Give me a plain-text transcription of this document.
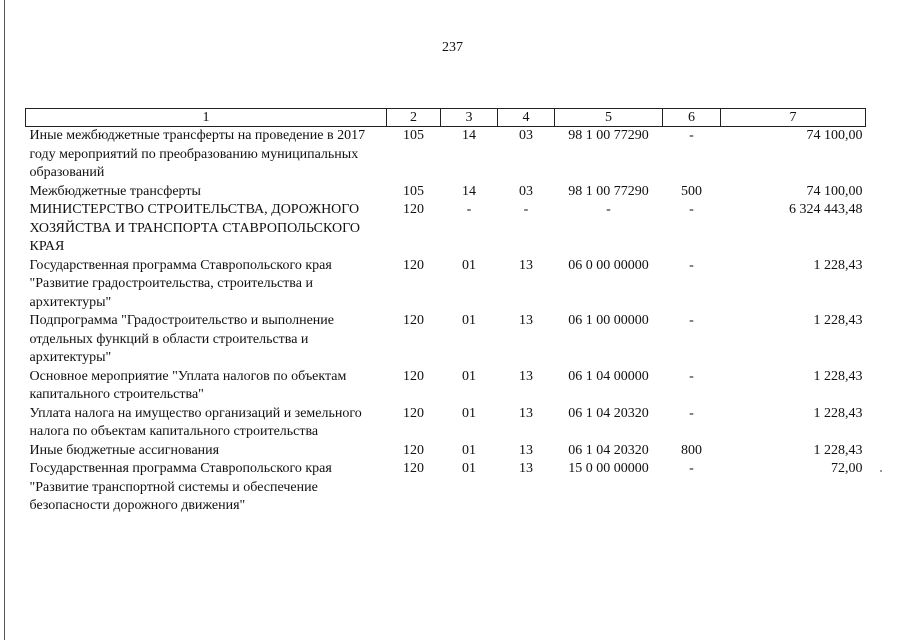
237
1	2	3	4	5	6	7
Иные межбюджетные трансферты на проведение в 2017 году мероприятий по преобразованию муниципальных образований	105	14	03	98 1 00 77290	-	74 100,00
Межбюджетные трансферты	105	14	03	98 1 00 77290	500	74 100,00
МИНИСТЕРСТВО СТРОИТЕЛЬСТВА, ДОРОЖНОГО ХОЗЯЙСТВА И ТРАНСПОРТА СТАВРОПОЛЬСКОГО КРАЯ	120	-	-	-	-	6 324 443,48
Государственная программа Ставропольского края "Развитие градостроительства, строительства и архитектуры"	120	01	13	06 0 00 00000	-	1 228,43
Подпрограмма "Градостроительство и выполнение отдельных функций в области строительства и архитектуры"	120	01	13	06 1 00 00000	-	1 228,43
Основное мероприятие "Уплата налогов по объектам капитального строительства"	120	01	13	06 1 04 00000	-	1 228,43
Уплата налога на имущество организаций и земельного налога по объектам капитального строительства	120	01	13	06 1 04 20320	-	1 228,43
Иные бюджетные ассигнования	120	01	13	06 1 04 20320	800	1 228,43
Государственная программа Ставропольского края "Развитие транспортной системы и обеспечение безопасности дорожного движения"	120	01	13	15 0 00 00000	-	72,00
